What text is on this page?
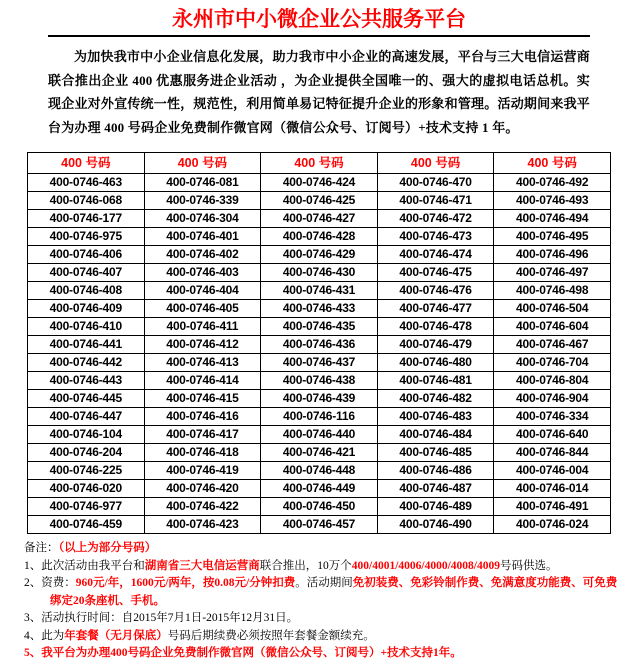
永州市中小微企业公共服务平台

为加快我市中小企业信息化发展，助力我市中小企业的高速发展，平台与三大电信运营商联合推出企业 400 优惠服务进企业活动 ，为企业提供全国唯一的、强大的虚拟电话总机。实现企业对外宣传统一性，规范性，利用简单易记特征提升企业的形象和管理。活动期间来我平台为办理 400 号码企业免费制作微官网（微信公众号、订阅号）+技术支持 1 年。

400 号码	400 号码	400 号码	400 号码	400 号码
400-0746-463	400-0746-081	400-0746-424	400-0746-470	400-0746-492
400-0746-068	400-0746-339	400-0746-425	400-0746-471	400-0746-493
400-0746-177	400-0746-304	400-0746-427	400-0746-472	400-0746-494
400-0746-975	400-0746-401	400-0746-428	400-0746-473	400-0746-495
400-0746-406	400-0746-402	400-0746-429	400-0746-474	400-0746-496
400-0746-407	400-0746-403	400-0746-430	400-0746-475	400-0746-497
400-0746-408	400-0746-404	400-0746-431	400-0746-476	400-0746-498
400-0746-409	400-0746-405	400-0746-433	400-0746-477	400-0746-504
400-0746-410	400-0746-411	400-0746-435	400-0746-478	400-0746-604
400-0746-441	400-0746-412	400-0746-436	400-0746-479	400-0746-467
400-0746-442	400-0746-413	400-0746-437	400-0746-480	400-0746-704
400-0746-443	400-0746-414	400-0746-438	400-0746-481	400-0746-804
400-0746-445	400-0746-415	400-0746-439	400-0746-482	400-0746-904
400-0746-447	400-0746-416	400-0746-116	400-0746-483	400-0746-334
400-0746-104	400-0746-417	400-0746-440	400-0746-484	400-0746-640
400-0746-204	400-0746-418	400-0746-421	400-0746-485	400-0746-844
400-0746-225	400-0746-419	400-0746-448	400-0746-486	400-0746-004
400-0746-020	400-0746-420	400-0746-449	400-0746-487	400-0746-014
400-0746-977	400-0746-422	400-0746-450	400-0746-489	400-0746-491
400-0746-459	400-0746-423	400-0746-457	400-0746-490	400-0746-024
备注：（以上为部分号码）
1、此次活动由我平台和湖南省三大电信运营商联合推出，10万个400/4001/4006/4000/4008/4009号码供选。
2、资费：960元/年，1600元/两年，按0.08元/分钟扣费。活动期间免初装费、免彩铃制作费、免满意度功能费、可免费
绑定20条座机、手机。
3、活动执行时间：自2015年7月1日-2015年12月31日。
4、此为年套餐（无月保底）号码后期续费必须按照年套餐金额续充。
5、我平台为办理400号码企业免费制作微官网（微信公众号、订阅号）+技术支持1年。
